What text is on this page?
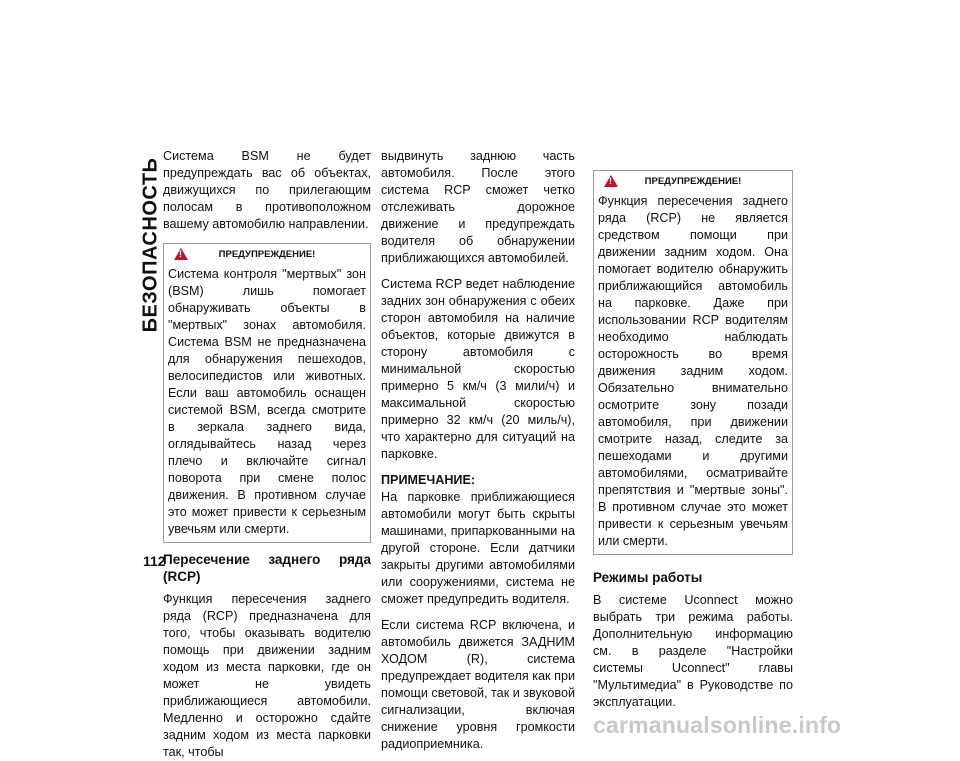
БЕЗОПАСНОСТЬ

Система BSM не будет предупреждать вас об объектах, движущихся по прилегающим полосам в противоположном вашему автомобилю направлении.

!
ПРЕДУПРЕЖДЕНИЕ!

Система контроля "мертвых" зон (BSM) лишь помогает обнаруживать объекты в "мертвых" зонах автомобиля. Система BSM не предназначена для обнаружения пешеходов, велосипедистов или животных. Если ваш автомобиль оснащен системой BSM, всегда смотрите в зеркала заднего вида, оглядывайтесь назад через плечо и включайте сигнал поворота при смене полос движения. В противном случае это может привести к серьезным увечьям или смерти.

Пересечение заднего ряда (RCP)

Функция пересечения заднего ряда (RCP) предназначена для того, чтобы оказывать водителю помощь при движении задним ходом из места парковки, где он может не увидеть приближающиеся автомобили. Медленно и осторожно сдайте задним ходом из места парковки так, чтобы

выдвинуть заднюю часть автомобиля. После этого система RCP сможет четко отслеживать дорожное движение и предупреждать водителя об обнаружении приближающихся автомобилей.

Система RCP ведет наблюдение задних зон обнаружения с обеих сторон автомобиля на наличие объектов, которые движутся в сторону автомобиля с минимальной скоростью примерно 5 км/ч (3 мили/ч) и максимальной скоростью примерно 32 км/ч (20 миль/ч), что характерно для ситуаций на парковке.

ПРИМЕЧАНИЕ:

На парковке приближающиеся автомобили могут быть скрыты машинами, припаркованными на другой стороне. Если датчики закрыты другими автомобилями или сооружениями, система не сможет предупредить водителя.

Если система RCP включена, и автомобиль движется ЗАДНИМ ХОДОМ (R), система предупреждает водителя как при помощи световой, так и звуковой сигнализации, включая снижение уровня громкости радиоприемника.

!
ПРЕДУПРЕЖДЕНИЕ!

Функция пересечения заднего ряда (RCP) не является средством помощи при движении задним ходом. Она помогает водителю обнаружить приближающийся автомобиль на парковке. Даже при использовании RCP водителям необходимо наблюдать осторожность во время движения задним ходом. Обязательно внимательно осмотрите зону позади автомобиля, при движении смотрите назад, следите за пешеходами и другими автомобилями, осматривайте препятствия и "мертвые зоны". В противном случае это может привести к серьезным увечьям или смерти.

Режимы работы

В системе Uconnect можно выбрать три режима работы. Дополнительную информацию см. в разделе "Настройки системы Uconnect" главы "Мультимедиа" в Руководстве по эксплуатации.

112
carmanualsonline.info
